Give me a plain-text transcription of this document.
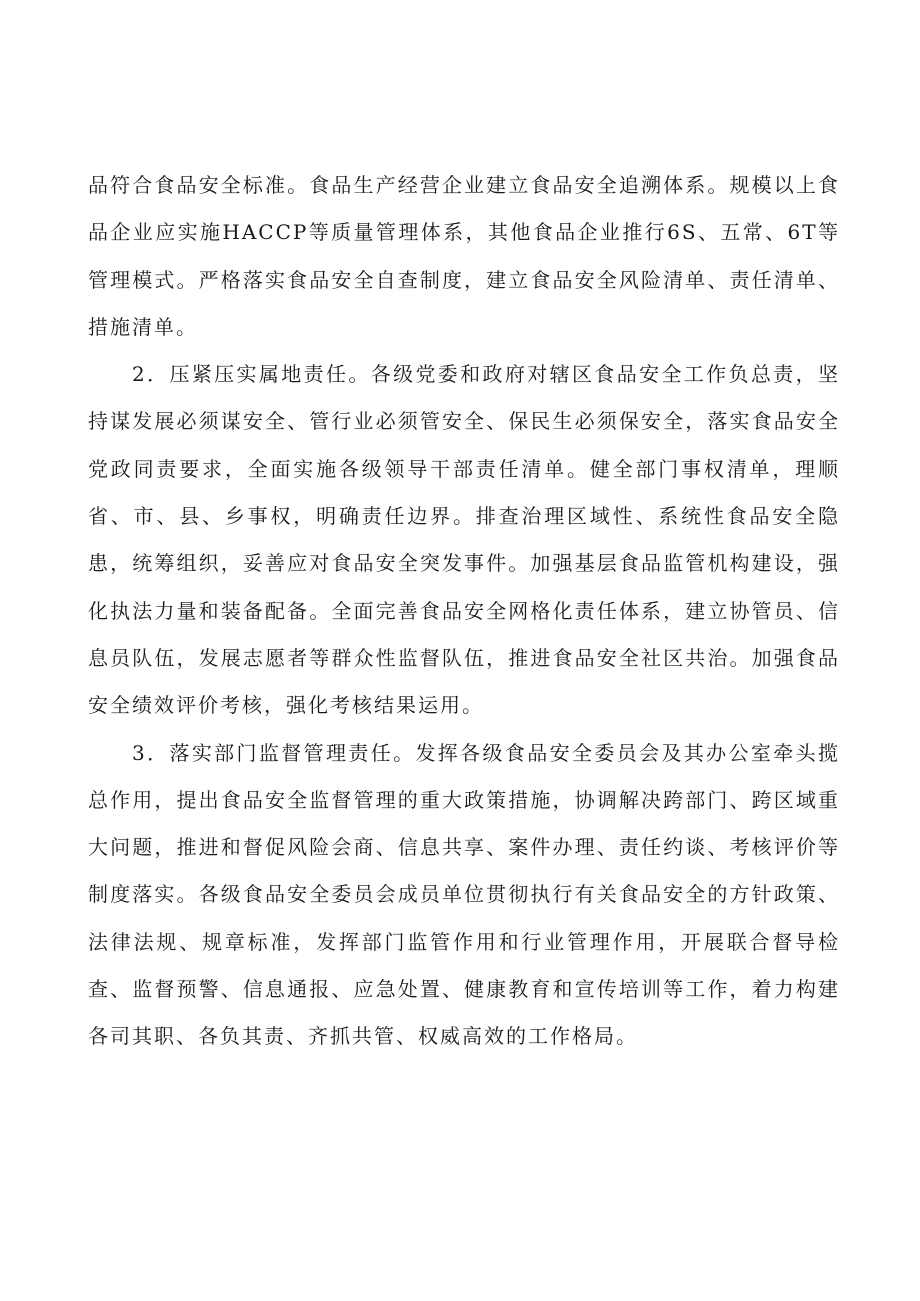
品符合食品安全标准。食品生产经营企业建立食品安全追溯体系。规模以上食品企业应实施HACCP等质量管理体系，其他食品企业推行6S、五常、6T等管理模式。严格落实食品安全自查制度，建立食品安全风险清单、责任清单、措施清单。

2．压紧压实属地责任。各级党委和政府对辖区食品安全工作负总责，坚持谋发展必须谋安全、管行业必须管安全、保民生必须保安全，落实食品安全党政同责要求，全面实施各级领导干部责任清单。健全部门事权清单，理顺省、市、县、乡事权，明确责任边界。排查治理区域性、系统性食品安全隐患，统筹组织，妥善应对食品安全突发事件。加强基层食品监管机构建设，强化执法力量和装备配备。全面完善食品安全网格化责任体系，建立协管员、信息员队伍，发展志愿者等群众性监督队伍，推进食品安全社区共治。加强食品安全绩效评价考核，强化考核结果运用。

3．落实部门监督管理责任。发挥各级食品安全委员会及其办公室牵头揽总作用，提出食品安全监督管理的重大政策措施，协调解决跨部门、跨区域重大问题，推进和督促风险会商、信息共享、案件办理、责任约谈、考核评价等制度落实。各级食品安全委员会成员单位贯彻执行有关食品安全的方针政策、法律法规、规章标准，发挥部门监管作用和行业管理作用，开展联合督导检查、监督预警、信息通报、应急处置、健康教育和宣传培训等工作，着力构建各司其职、各负其责、齐抓共管、权威高效的工作格局。
